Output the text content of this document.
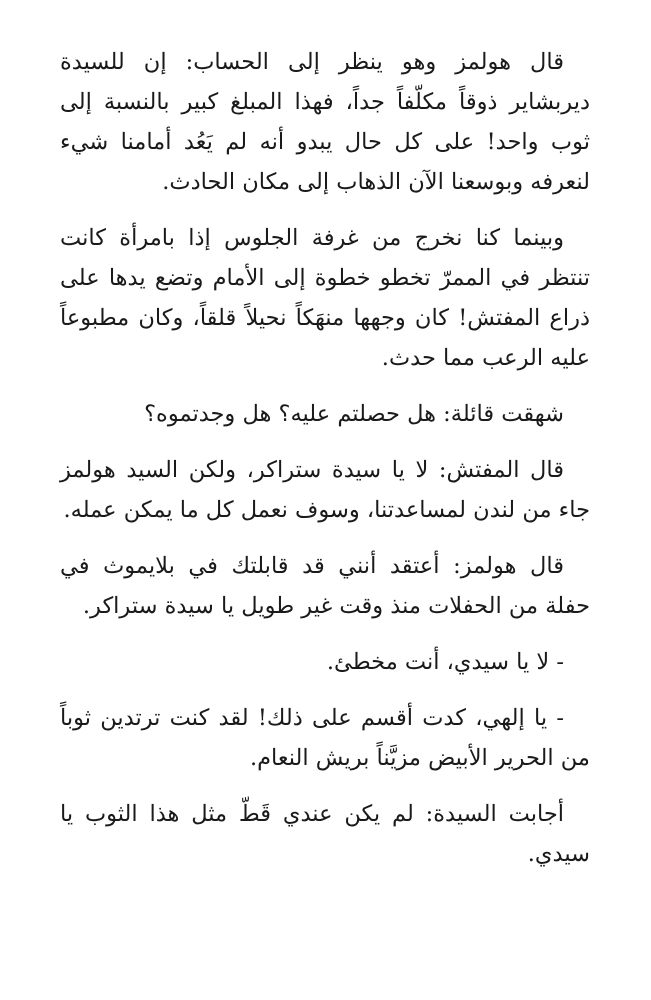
قال هولمز وهو ينظر إلى الحساب: إن للسيدة ديربشاير ذوقاً مكلّفاً جداً، فهذا المبلغ كبير بالنسبة إلى ثوب واحد! على كل حال يبدو أنه لم يَعُد أمامنا شيء لنعرفه وبوسعنا الآن الذهاب إلى مكان الحادث.

وبينما كنا نخرج من غرفة الجلوس إذا بامرأة كانت تنتظر في الممرّ تخطو خطوة إلى الأمام وتضع يدها على ذراع المفتش! كان وجهها منهَكاً نحيلاً قلقاً، وكان مطبوعاً عليه الرعب مما حدث.

شهقت قائلة: هل حصلتم عليه؟ هل وجدتموه؟

قال المفتش: لا يا سيدة ستراكر، ولكن السيد هولمز جاء من لندن لمساعدتنا، وسوف نعمل كل ما يمكن عمله.

قال هولمز: أعتقد أنني قد قابلتك في بلايموث في حفلة من الحفلات منذ وقت غير طويل يا سيدة ستراكر.

- لا يا سيدي، أنت مخطئ.

- يا إلهي، كدت أقسم على ذلك! لقد كنت ترتدين ثوباً من الحرير الأبيض مزيَّناً بريش النعام.

أجابت السيدة: لم يكن عندي قَطّ مثل هذا الثوب يا سيدي.
